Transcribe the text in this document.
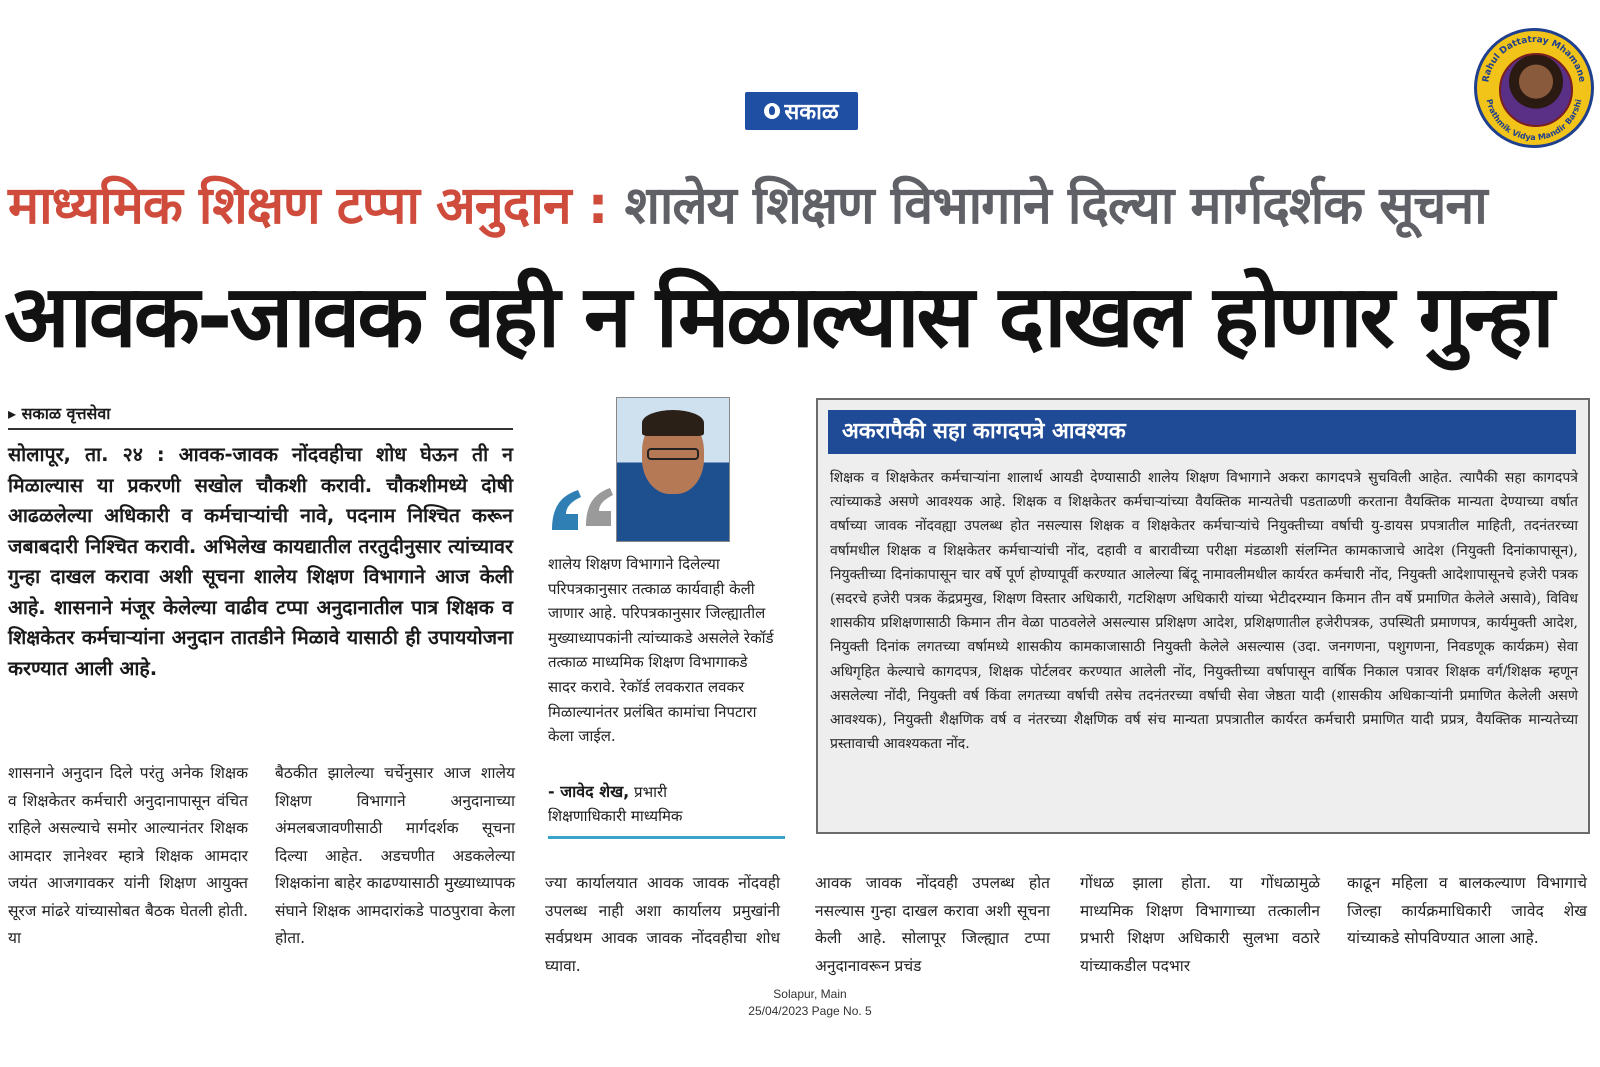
सकाळ
Rahul Dattatray Mhamane
Prathmik Vidya Mandir Barshi
माध्यमिक शिक्षण टप्पा अनुदान : शालेय शिक्षण विभागाने दिल्या मार्गदर्शक सूचना
आवक-जावक वही न मिळाल्यास दाखल होणार गुन्हा
▸ सकाळ वृत्तसेवा
सोलापूर, ता. २४ : आवक-जावक नोंदवहीचा शोध घेऊन ती न मिळाल्यास या प्रकरणी सखोल चौकशी करावी. चौकशीमध्ये दोषी आढळलेल्या अधिकारी व कर्मचाऱ्यांची नावे, पदनाम निश्चित करून जबाबदारी निश्चित करावी. अभिलेख कायद्यातील तरतुदीनुसार त्यांच्यावर गुन्हा दाखल करावा अशी सूचना शालेय शिक्षण विभागाने आज केली आहे. शासनाने मंजूर केलेल्या वाढीव टप्पा अनुदानातील पात्र शिक्षक व शिक्षकेतर कर्मचाऱ्यांना अनुदान तातडीने मिळावे यासाठी ही उपाययोजना करण्यात आली आहे.
शासनाने अनुदान दिले परंतु अनेक शिक्षक व शिक्षकेतर कर्मचारी अनुदानापासून वंचित राहिले असल्याचे समोर आल्यानंतर शिक्षक आमदार ज्ञानेश्वर म्हात्रे शिक्षक आमदार जयंत आजगावकर यांनी शिक्षण आयुक्त सूरज मांढरे यांच्यासोबत बैठक घेतली होती. या
बैठकीत झालेल्या चर्चेनुसार आज शालेय शिक्षण विभागाने अनुदानाच्या अंमलबजावणीसाठी मार्गदर्शक सूचना दिल्या आहेत. अडचणीत अडकलेल्या शिक्षकांना बाहेर काढण्यासाठी मुख्याध्यापक संघाने शिक्षक आमदारांकडे पाठपुरावा केला होता.
शालेय शिक्षण विभागाने दिलेल्या परिपत्रकानुसार तत्काळ कार्यवाही केली जाणार आहे. परिपत्रकानुसार जिल्ह्यातील मुख्याध्यापकांनी त्यांच्याकडे असलेले रेकॉर्ड तत्काळ माध्यमिक शिक्षण विभागाकडे सादर करावे. रेकॉर्ड लवकरात लवकर मिळाल्यानंतर प्रलंबित कामांचा निपटारा केला जाईल.
- जावेद शेख, प्रभारी
शिक्षणाधिकारी माध्यमिक
अकरापैकी सहा कागदपत्रे आवश्यक
शिक्षक व शिक्षकेतर कर्मचाऱ्यांना शालार्थ आयडी देण्यासाठी शालेय शिक्षण विभागाने अकरा कागदपत्रे सुचविली आहेत. त्यापैकी सहा कागदपत्रे त्यांच्याकडे असणे आवश्यक आहे. शिक्षक व शिक्षकेतर कर्मचाऱ्यांच्या वैयक्तिक मान्यतेची पडताळणी करताना वैयक्तिक मान्यता देण्याच्या वर्षात वर्षाच्या जावक नोंदवह्या उपलब्ध होत नसल्यास शिक्षक व शिक्षकेतर कर्मचाऱ्यांचे नियुक्तीच्या वर्षाची यु-डायस प्रपत्रातील माहिती, तदनंतरच्या वर्षामधील शिक्षक व शिक्षकेतर कर्मचाऱ्यांची नोंद, दहावी व बारावीच्या परीक्षा मंडळाशी संलग्नित कामकाजाचे आदेश (नियुक्ती दिनांकापासून), नियुक्तीच्या दिनांकापासून चार वर्षे पूर्ण होण्यापूर्वी करण्यात आलेल्या बिंदू नामावलीमधील कार्यरत कर्मचारी नोंद, नियुक्ती आदेशापासूनचे हजेरी पत्रक (सदरचे हजेरी पत्रक केंद्रप्रमुख, शिक्षण विस्तार अधिकारी, गटशिक्षण अधिकारी यांच्या भेटीदरम्यान किमान तीन वर्षे प्रमाणित केलेले असावे), विविध शासकीय प्रशिक्षणासाठी किमान तीन वेळा पाठवलेले असल्यास प्रशिक्षण आदेश, प्रशिक्षणातील हजेरीपत्रक, उपस्थिती प्रमाणपत्र, कार्यमुक्ती आदेश, नियुक्ती दिनांक लगतच्या वर्षामध्ये शासकीय कामकाजासाठी नियुक्ती केलेले असल्यास (उदा. जनगणना, पशुगणना, निवडणूक कार्यक्रम) सेवा अधिगृहित केल्याचे कागदपत्र, शिक्षक पोर्टलवर करण्यात आलेली नोंद, नियुक्तीच्या वर्षापासून वार्षिक निकाल पत्रावर शिक्षक वर्ग/शिक्षक म्हणून असलेल्या नोंदी, नियुक्ती वर्ष किंवा लगतच्या वर्षाची तसेच तदनंतरच्या वर्षाची सेवा जेष्ठता यादी (शासकीय अधिकाऱ्यांनी प्रमाणित केलेली असणे आवश्यक), नियुक्ती शैक्षणिक वर्ष व नंतरच्या शैक्षणिक वर्ष संच मान्यता प्रपत्रातील कार्यरत कर्मचारी प्रमाणित यादी प्रप्रत्र, वैयक्तिक मान्यतेच्या प्रस्तावाची आवश्यकता नोंद.
ज्या कार्यालयात आवक जावक नोंदवही उपलब्ध नाही अशा कार्यालय प्रमुखांनी सर्वप्रथम आवक जावक नोंदवहीचा शोध घ्यावा.
आवक जावक नोंदवही उपलब्ध होत नसल्यास गुन्हा दाखल करावा अशी सूचना केली आहे. सोलापूर जिल्ह्यात टप्पा अनुदानावरून प्रचंड
गोंधळ झाला होता. या गोंधळामुळे माध्यमिक शिक्षण विभागाच्या तत्कालीन प्रभारी शिक्षण अधिकारी सुलभा वठारे यांच्याकडील पदभार
काढून महिला व बालकल्याण विभागाचे जिल्हा कार्यक्रमाधिकारी जावेद शेख यांच्याकडे सोपविण्यात आला आहे.
Solapur, Main
25/04/2023 Page No. 5
